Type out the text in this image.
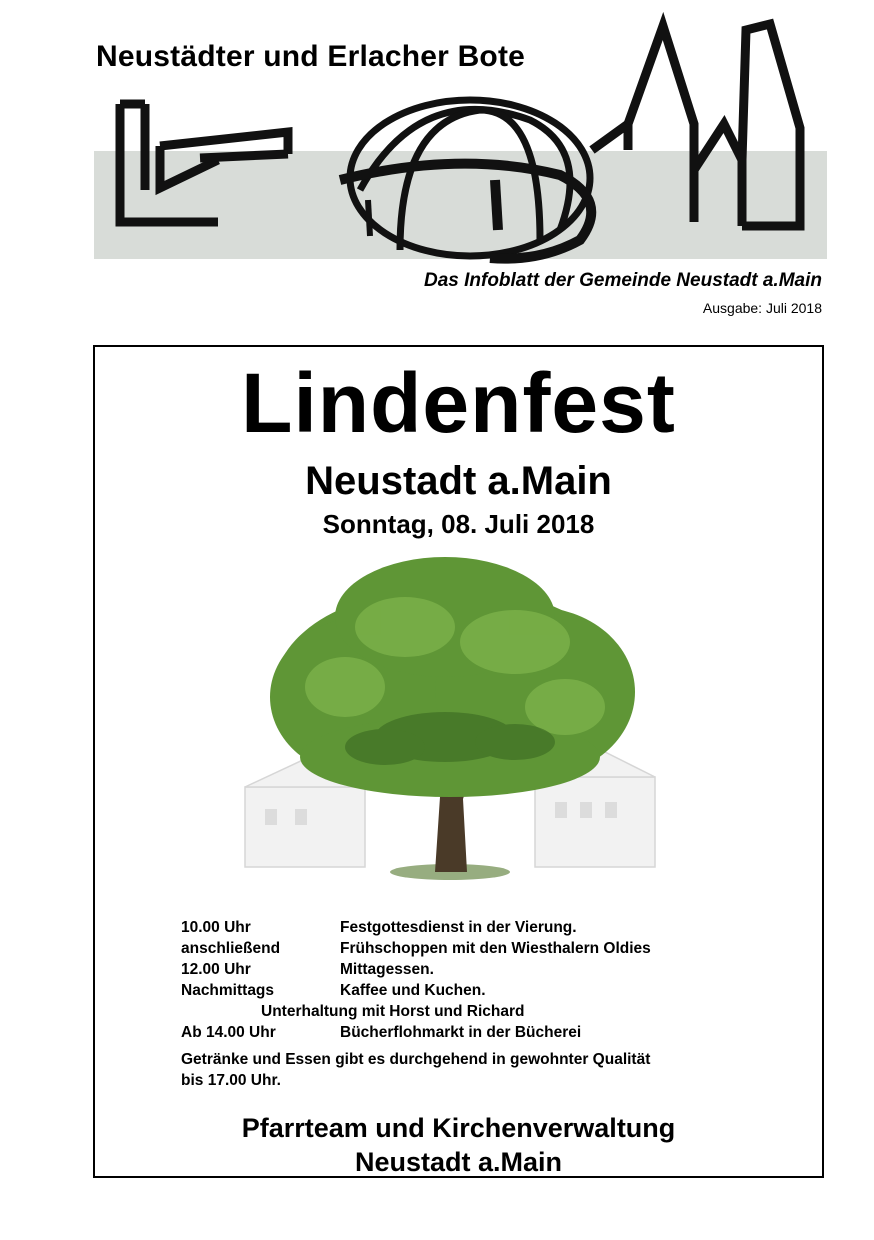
Neustädter und Erlacher Bote
Das Infoblatt der Gemeinde Neustadt a.Main
Ausgabe: Juli 2018
Lindenfest
Neustadt a.Main
Sonntag, 08. Juli 2018
10.00 Uhr	Festgottesdienst in der Vierung.
anschließend	Frühschoppen mit den Wiesthalern Oldies
12.00 Uhr	Mittagessen.
Nachmittags	Kaffee und Kuchen.
Unterhaltung mit Horst und Richard
Ab 14.00 Uhr	Bücherflohmarkt in der Bücherei
Getränke und Essen gibt es durchgehend in gewohnter Qualität
bis 17.00 Uhr.
Pfarrteam und Kirchenverwaltung
Neustadt a.Main
